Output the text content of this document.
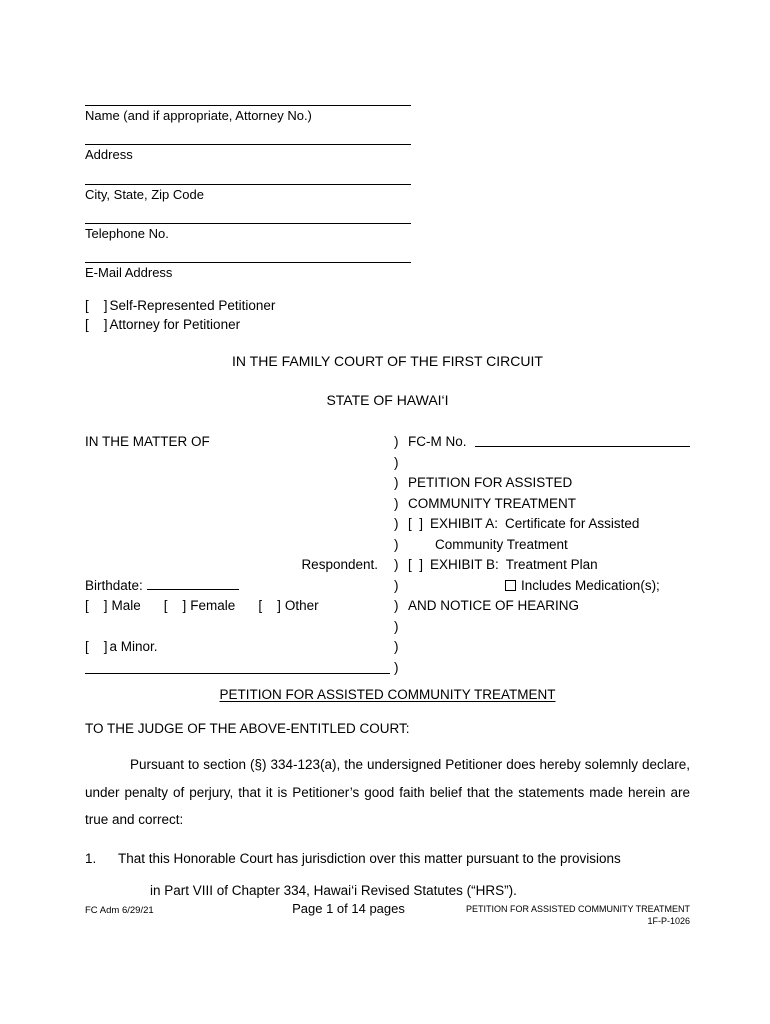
Name (and if appropriate, Attorney No.)
Address
City, State, Zip Code
Telephone No.
E-Mail Address
[    ] Self-Represented Petitioner
[    ] Attorney for Petitioner
IN THE FAMILY COURT OF THE FIRST CIRCUIT
STATE OF HAWAI‘I
IN THE MATTER OF	) FC-M No.
)
) PETITION FOR ASSISTED
) COMMUNITY TREATMENT
) [  ] EXHIBIT A: Certificate for Assisted
)	Community Treatment
Respondent.	) [  ] EXHIBIT B: Treatment Plan
Birthdate:	)	Includes Medication(s);
[    ] Male [    ] Female [    ] Other	) AND NOTICE OF HEARING
)
[    ] a Minor.	)
)
PETITION FOR ASSISTED COMMUNITY TREATMENT
TO THE JUDGE OF THE ABOVE-ENTITLED COURT:

Pursuant to section (§) 334-123(a), the undersigned Petitioner does hereby solemnly declare, under penalty of perjury, that it is Petitioner’s good faith belief that the statements made herein are true and correct:

1. That this Honorable Court has jurisdiction over this matter pursuant to the provisions
in Part VIII of Chapter 334, Hawai‘i Revised Statutes (“HRS”).
FC Adm 6/29/21	Page 1 of 14 pages	PETITION FOR ASSISTED COMMUNITY TREATMENT
1F-P-1026
